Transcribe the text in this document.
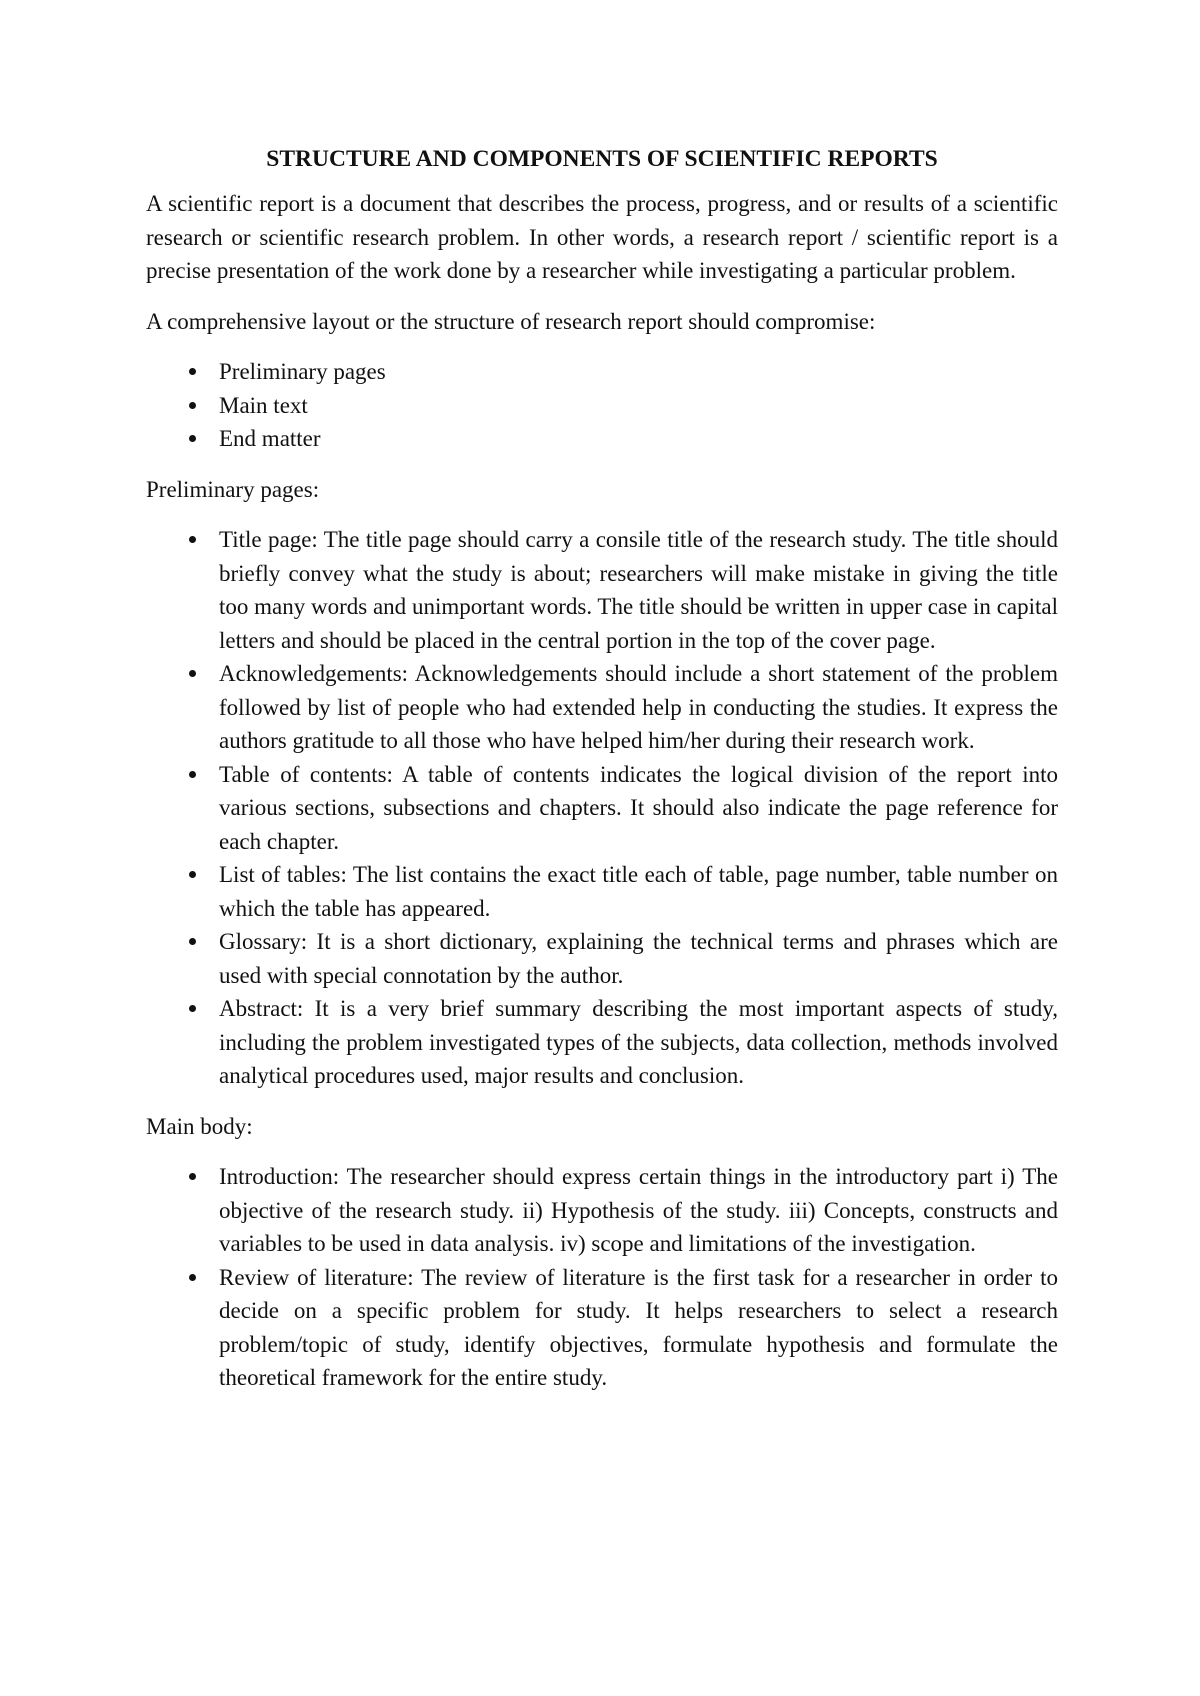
STRUCTURE AND COMPONENTS OF SCIENTIFIC REPORTS

A scientific report is a document that describes the process, progress, and or results of a scientific research or scientific research problem. In other words, a research report / scientific report is a precise presentation of the work done by a researcher while investigating a particular problem.

A comprehensive layout or the structure of research report should compromise:

Preliminary pages
Main text
End matter

Preliminary pages:

Title page: The title page should carry a consile title of the research study. The title should briefly convey what the study is about; researchers will make mistake in giving the title too many words and unimportant words. The title should be written in upper case in capital letters and should be placed in the central portion in the top of the cover page.
Acknowledgements: Acknowledgements should include a short statement of the problem followed by list of people who had extended help in conducting the studies. It express the authors gratitude to all those who have helped him/her during their research work.
Table of contents: A table of contents indicates the logical division of the report into various sections, subsections and chapters. It should also indicate the page reference for each chapter.
List of tables: The list contains the exact title each of table, page number, table number on which the table has appeared.
Glossary: It is a short dictionary, explaining the technical terms and phrases which are used with special connotation by the author.
Abstract: It is a very brief summary describing the most important aspects of study, including the problem investigated types of the subjects, data collection, methods involved analytical procedures used, major results and conclusion.

Main body:

Introduction: The researcher should express certain things in the introductory part i) The objective of the research study. ii) Hypothesis of the study. iii) Concepts, constructs and variables to be used in data analysis. iv) scope and limitations of the investigation.
Review of literature: The review of literature is the first task for a researcher in order to decide on a specific problem for study. It helps researchers to select a research problem/topic of study, identify objectives, formulate hypothesis and formulate the theoretical framework for the entire study.
